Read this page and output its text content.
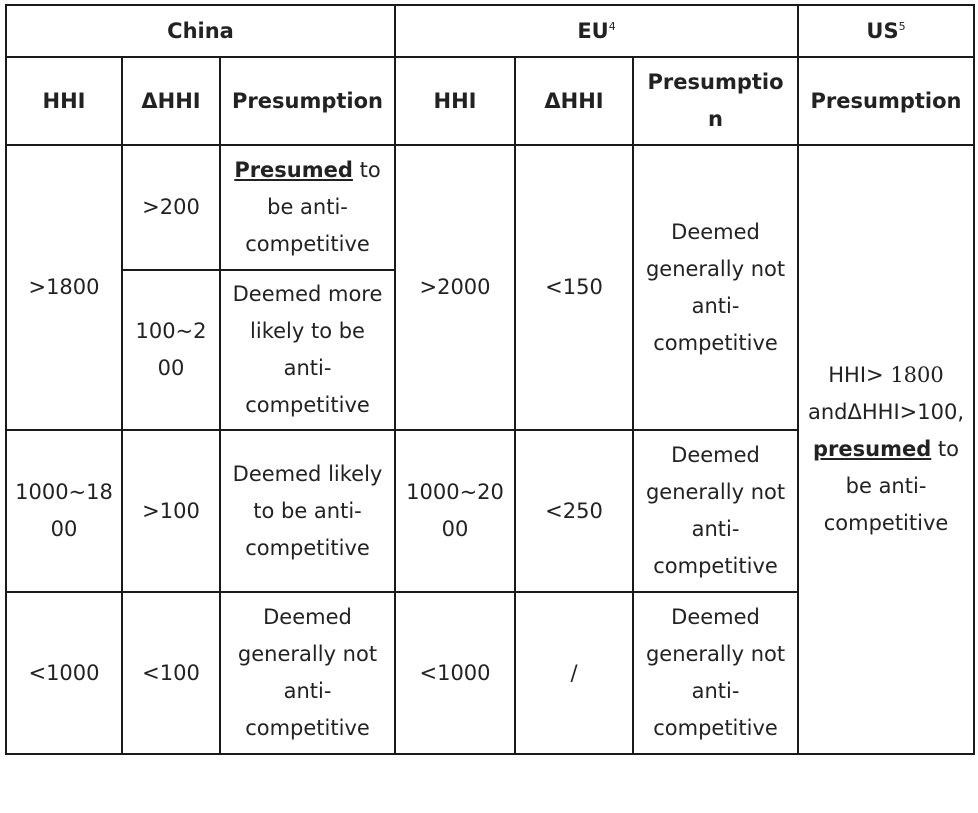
China			$EU^4$			$US^5$
HHI	ΔHHI	Presumption	HHI	ΔHHI	Presumptio n	Presumption
>1800	>200	Presumed to be anti-competitive	>2000	<150	Deemed generally not anti-competitive	HHI> 1800 andΔHHI>100, presumed to be anti-competitive
	100~200	Deemed more likely to be anti-competitive				
1000~1800	>100	Deemed likely to be anti-competitive	1000~2000	<250	Deemed generally not anti-competitive	
<1000	<100	Deemed generally not anti-competitive	<1000	/	Deemed generally not anti-competitive	
